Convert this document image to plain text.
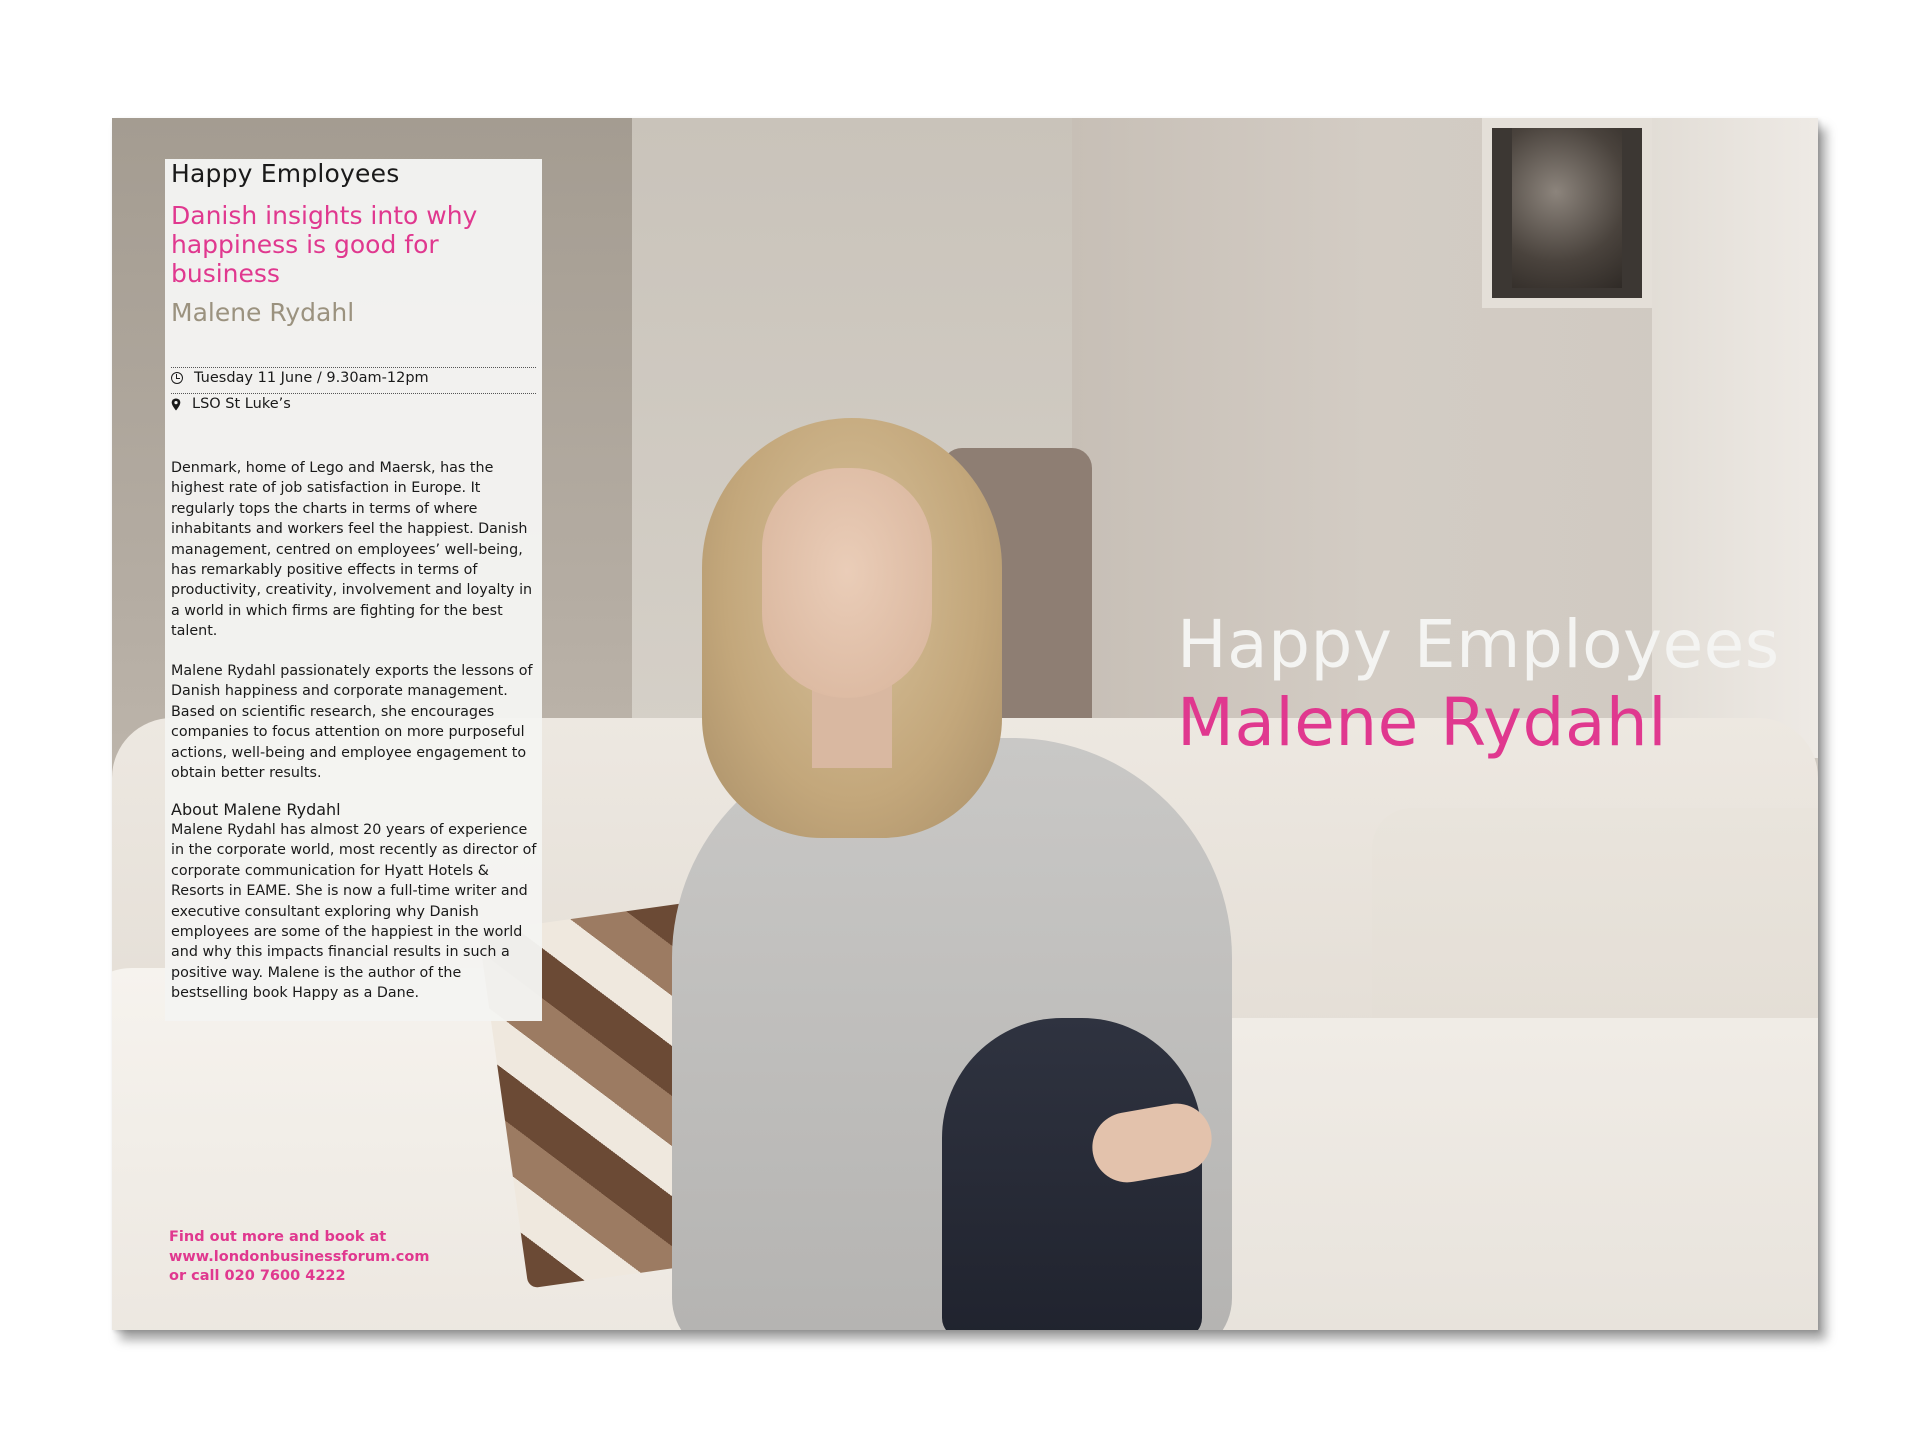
Happy Employees
Danish insights into why happiness is good for business
Malene Rydahl
Tuesday 11 June / 9.30am-12pm
LSO St Luke’s
Denmark, home of Lego and Maersk, has the highest rate of job satisfaction in Europe. It regularly tops the charts in terms of where inhabitants and workers feel the happiest. Danish management, centred on employees’ well-being, has remarkably positive effects in terms of productivity, creativity, involvement and loyalty in a world in which firms are fighting for the best talent.
Malene Rydahl passionately exports the lessons of Danish happiness and corporate management. Based on scientific research, she encourages companies to focus attention on more purposeful actions, well-being and employee engagement to obtain better results.
About Malene Rydahl
Malene Rydahl has almost 20 years of experience in the corporate world, most recently as director of corporate communication for Hyatt Hotels & Resorts in EAME. She is now a full-time writer and executive consultant exploring why Danish employees are some of the happiest in the world and why this impacts financial results in such a positive way. Malene is the author of the bestselling book Happy as a Dane.
Find out more and book at
www.londonbusinessforum.com
or call 020 7600 4222
Happy Employees
Malene Rydahl
